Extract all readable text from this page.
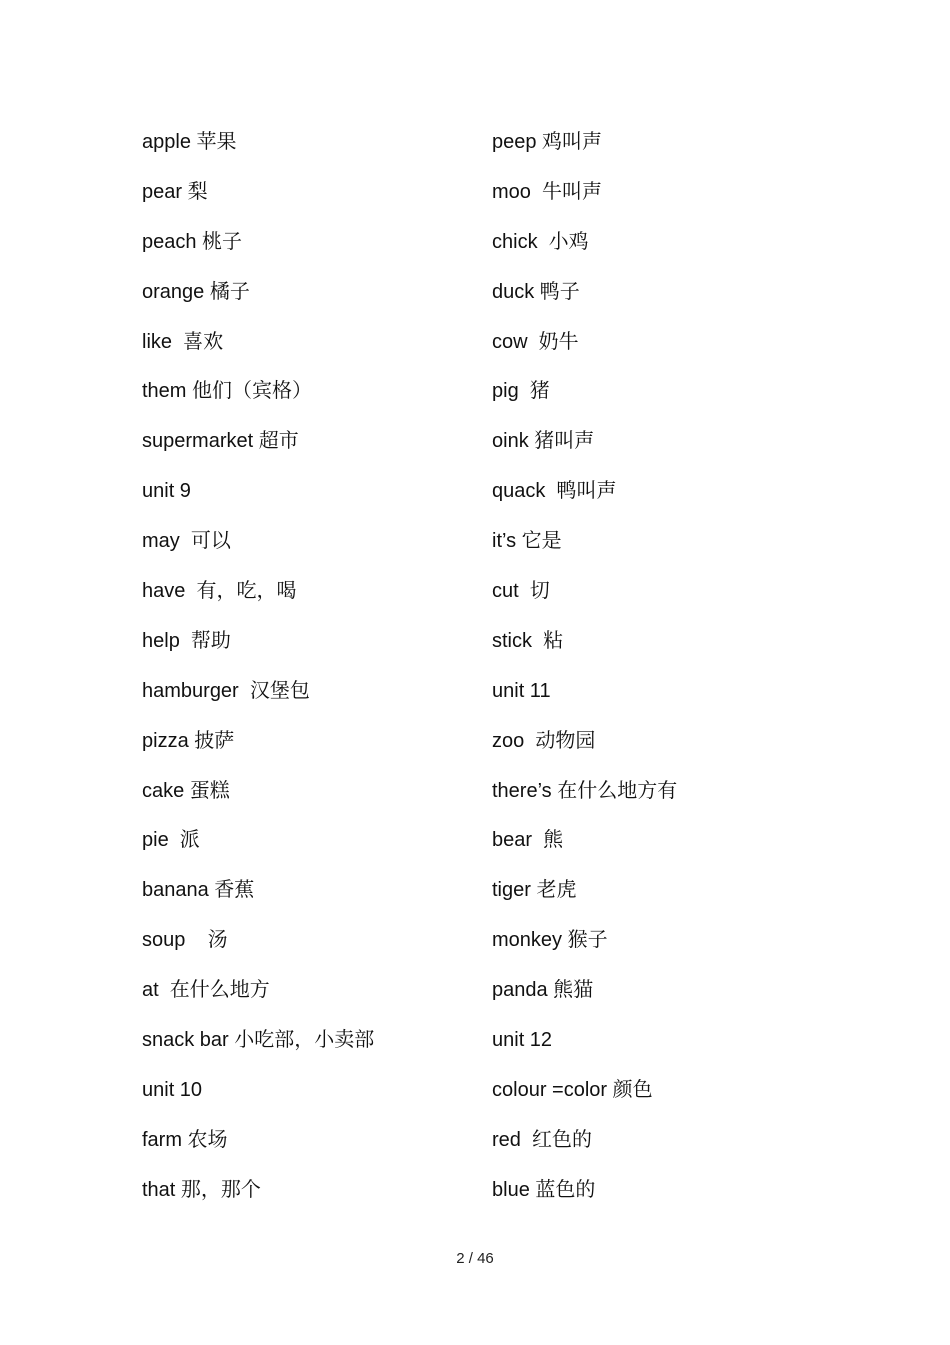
apple 苹果
pear 梨
peach 桃子
orange 橘子
like  喜欢
them 他们（宾格）
supermarket 超市
unit 9
may  可以
have  有，吃，喝
help  帮助
hamburger  汉堡包
pizza 披萨
cake 蛋糕
pie  派
banana 香蕉
soup    汤
at  在什么地方
snack bar 小吃部，小卖部
unit 10
farm 农场
that 那，那个
peep 鸡叫声
moo  牛叫声
chick  小鸡
duck 鸭子
cow  奶牛
pig  猪
oink 猪叫声
quack  鸭叫声
it’s 它是
cut  切
stick  粘
unit 11
zoo  动物园
there’s 在什么地方有
bear  熊
tiger 老虎
monkey 猴子
panda 熊猫
unit 12
colour =color 颜色
red  红色的
blue 蓝色的
2 / 46
